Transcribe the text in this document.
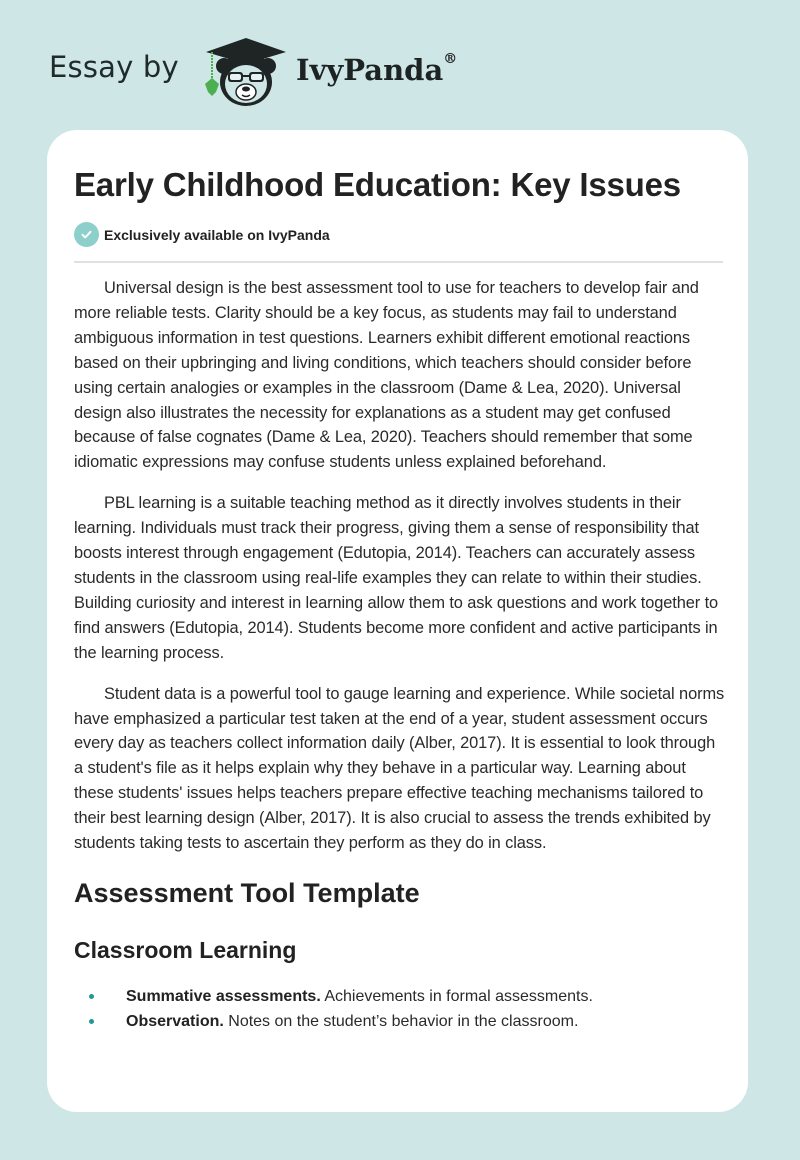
Essay by	IvyPanda®
Early Childhood Education: Key Issues
Exclusively available on IvyPanda

Universal design is the best assessment tool to use for teachers to develop fair and more reliable tests. Clarity should be a key focus, as students may fail to understand ambiguous information in test questions. Learners exhibit different emotional reactions based on their upbringing and living conditions, which teachers should consider before using certain analogies or examples in the classroom (Dame & Lea, 2020). Universal design also illustrates the necessity for explanations as a student may get confused because of false cognates (Dame & Lea, 2020). Teachers should remember that some idiomatic expressions may confuse students unless explained beforehand.

PBL learning is a suitable teaching method as it directly involves students in their learning. Individuals must track their progress, giving them a sense of responsibility that boosts interest through engagement (Edutopia, 2014). Teachers can accurately assess students in the classroom using real-life examples they can relate to within their studies. Building curiosity and interest in learning allow them to ask questions and work together to find answers (Edutopia, 2014). Students become more confident and active participants in the learning process.

Student data is a powerful tool to gauge learning and experience. While societal norms have emphasized a particular test taken at the end of a year, student assessment occurs every day as teachers collect information daily (Alber, 2017). It is essential to look through a student's file as it helps explain why they behave in a particular way. Learning about these students' issues helps teachers prepare effective teaching mechanisms tailored to their best learning design (Alber, 2017). It is also crucial to assess the trends exhibited by students taking tests to ascertain they perform as they do in class.

Assessment Tool Template
Classroom Learning
Summative assessments. Achievements in formal assessments.
Observation. Notes on the student’s behavior in the classroom.
